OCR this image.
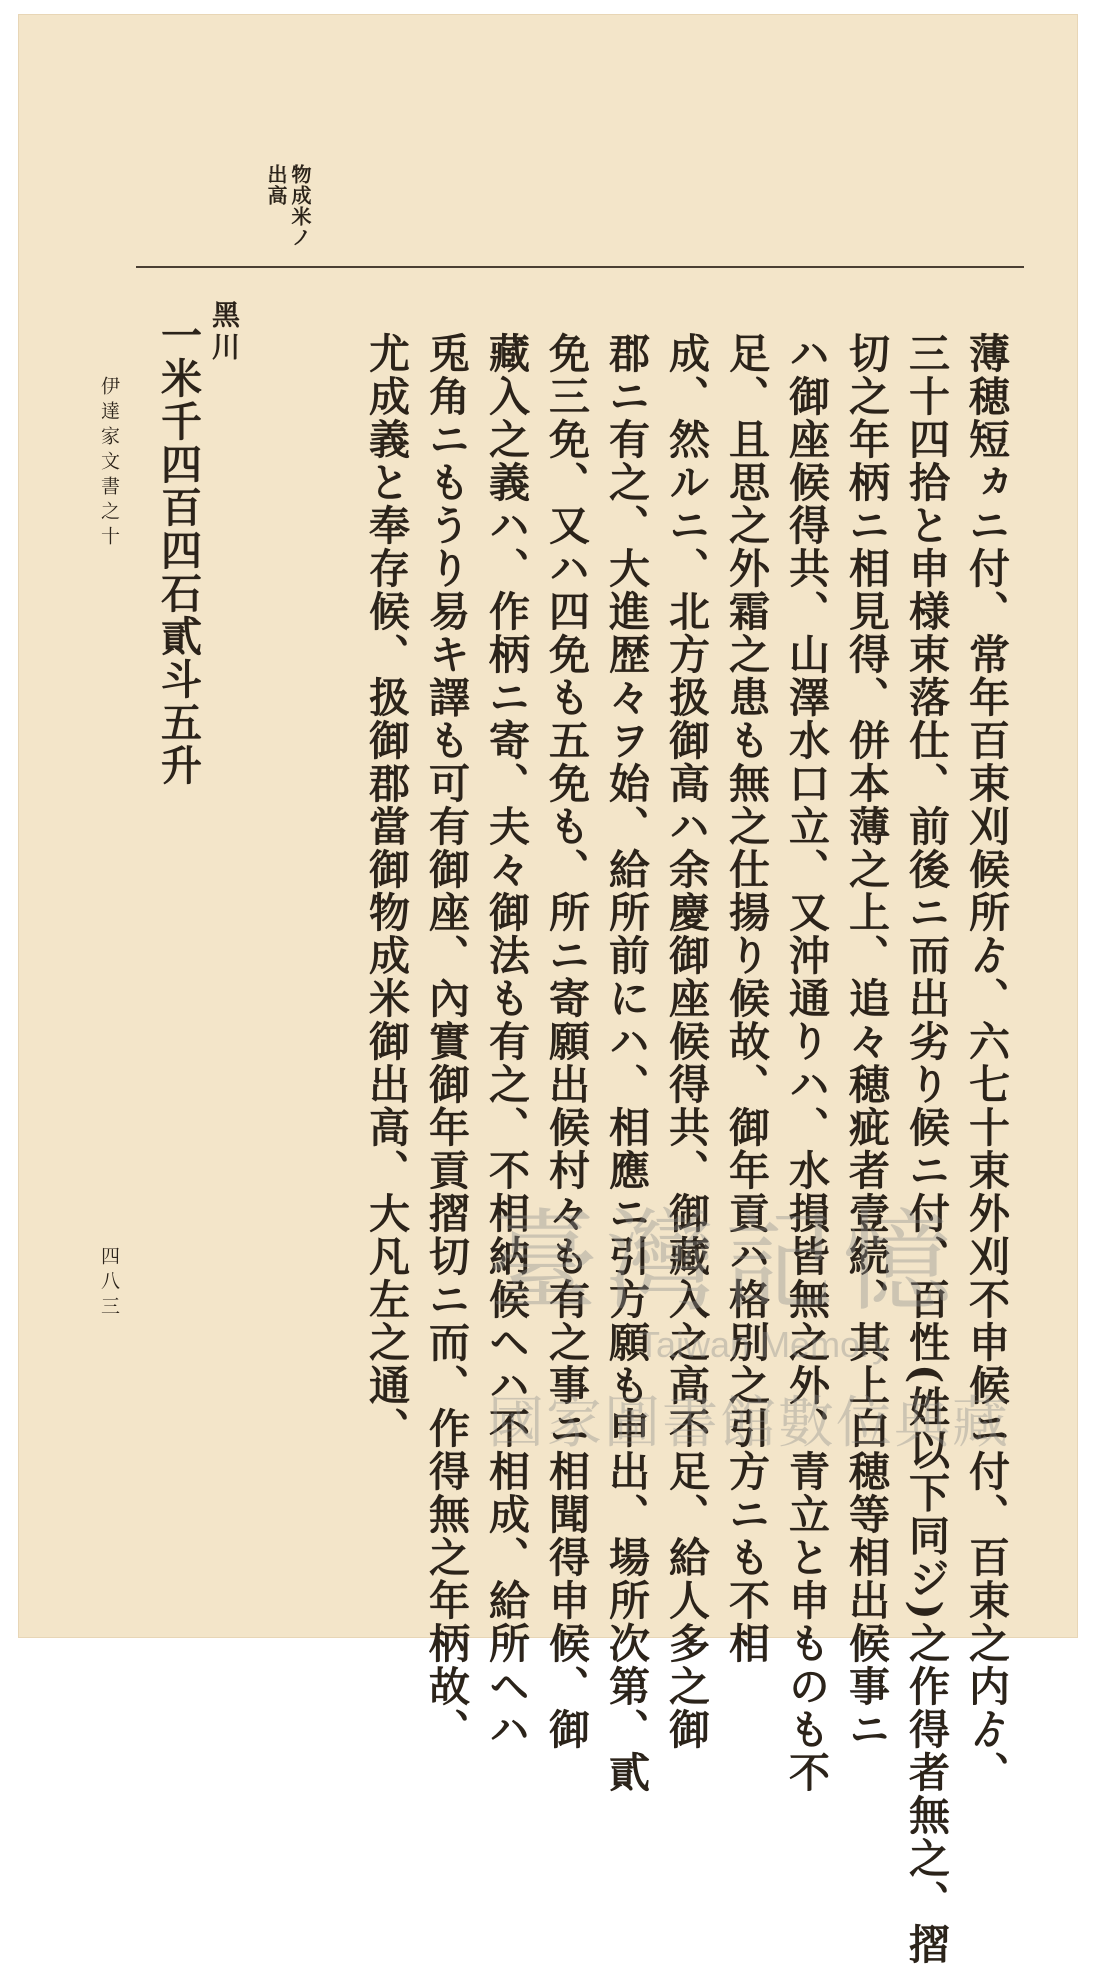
物成米ノ
出高
薄穂短ヵニ付、常年百束刈候所ゟ、六七十束外刈不申候ニ付、百束之内ゟ、
三十四拾と申様束落仕、前後ニ而出劣り候ニ付、百性(姓以下同ジ)之作得者無之、摺
切之年柄ニ相見得、併本薄之上、追々穂疵者壹続、其上白穂等相出候事ニ
ハ御座候得共、山澤水口立、又沖通りハ、水損皆無之外、青立と申ものも不
足、且思之外霜之患も無之仕揚り候故、御年貢ハ格別之引方ニも不相
成、然ルニ、北方扱御高ハ余慶御座候得共、御藏入之高不足、給人多之御
郡ニ有之、大進歴々ヲ始、給所前にハ、相應ニ引方願も申出、場所次第、貳
免三免、又ハ四免も五免も、所ニ寄願出候村々も有之事ニ相聞得申候、御
藏入之義ハ、作柄ニ寄、夫々御法も有之、不相納候ヘハ不相成、給所ヘハ
兎角ニもうり易キ譯も可有御座、內實御年貢摺切ニ而、作得無之年柄故、
尤成義と奉存候、扱御郡當御物成米御出高、大凡左之通、
黑川
一米千四百四石貳斗五升
伊達家文書之十
四八三	臺灣記憶
Taiwan Memory
國家圖書館數位典藏
